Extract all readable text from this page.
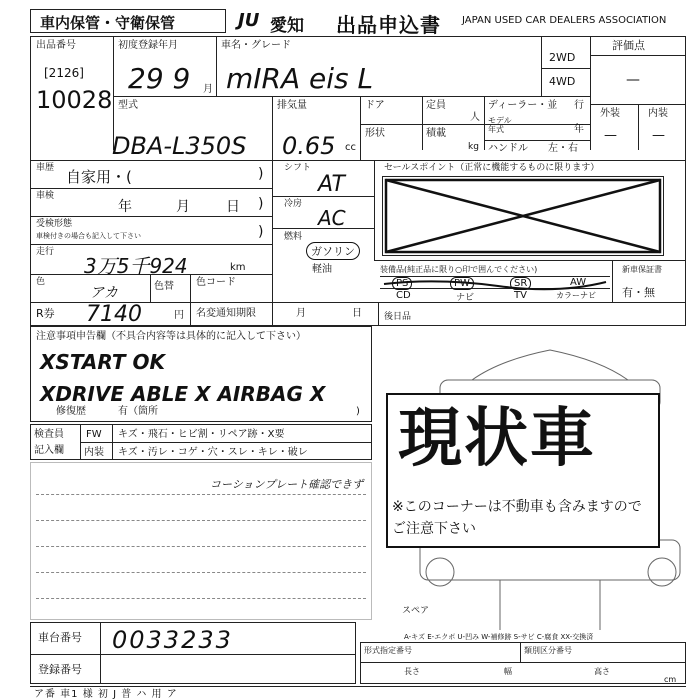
車内保管・守衛保管	JU 愛知 出品申込書 JAPAN USED CAR DEALERS ASSOCIATION
出品番号
[2126]
10028
初度登録年月
29 9 月
車名・グレード
mIRA eis L
2WD
4WD
評価点
—
外装	内装
—	—
型式
DBA-L350S
排気量
0.65 cc
ドア	定員
人
形状	積載
kg
ディーラー・並 行
モデル
年式	年
ハンドル 左・右
車歴 自家用・(	)
車検
年	月	日 )
受検形態
車検付きの場合も記入して下さい	)
走行
3万5千924	km
色
アカ	色替 色コード
シフト
AT
冷房
AC
燃料
ガソリン
軽油
セールスポイント（正常に機能するものに限ります）
装備品(純正品に限り○印で囲んでください)
PS	PW	SR	AW
CD	ナビ	TV	カラーナビ
新車保証書
有・無
R券 7140	円 名変通知期限	月	日 後日品
注意事項申告欄（不具合内容等は具体的に記入して下さい）
XSTART OK
XDRIVE ABLE X AIRBAG X
修復歴	有（箇所	) 現状車
※このコーナーは不動車も含みますのでご注意下さい
検査員
記入欄
FW キズ・飛石・ヒビ割・リペア跡・X要
内装 キズ・汚レ・コゲ・穴・スレ・キレ・破レ
コーションプレート確認できず
スペア
A-キズ E-エクボ U-凹み W-補修跡 S-サビ C-腐食 XX-交換済
車台番号 0033233
登録番号
形式指定番号	類別区分番号
長さ	幅	高さ
cm
ア番 車1 様 初 J 普 ハ 用 ア
